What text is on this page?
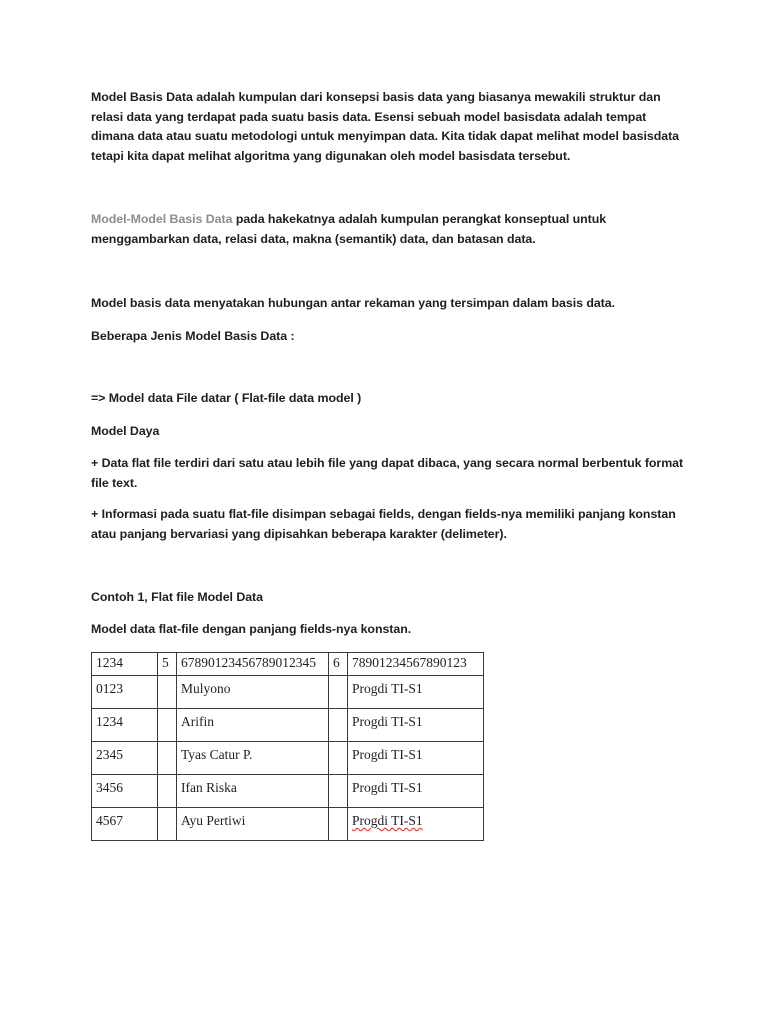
Model Basis Data adalah kumpulan dari konsepsi basis data yang biasanya mewakili struktur dan relasi data yang terdapat pada suatu basis data. Esensi sebuah model basisdata adalah tempat dimana data atau suatu metodologi untuk menyimpan data. Kita tidak dapat melihat model basisdata tetapi kita dapat melihat algoritma yang digunakan oleh model basisdata tersebut.

Model-Model Basis Data pada hakekatnya adalah kumpulan perangkat konseptual untuk menggambarkan data, relasi data, makna (semantik) data, dan batasan data.

Model basis data menyatakan hubungan antar rekaman yang tersimpan dalam basis data.

Beberapa Jenis Model Basis Data :

=> Model data File datar ( Flat-file data model )

Model Daya

+ Data flat file terdiri dari satu atau lebih file yang dapat dibaca, yang secara normal berbentuk format file text.

+ Informasi pada suatu flat-file disimpan sebagai fields, dengan fields-nya memiliki panjang konstan atau panjang bervariasi yang dipisahkan beberapa karakter (delimeter).

Contoh 1, Flat file Model Data

Model data flat-file dengan panjang fields-nya konstan.

1234	5	67890123456789012345	6	78901234567890123
0123		Mulyono		Progdi TI-S1
1234		Arifin		Progdi TI-S1
2345		Tyas Catur P.		Progdi TI-S1
3456		Ifan Riska		Progdi TI-S1
4567		Ayu Pertiwi		Progdi TI-S1
